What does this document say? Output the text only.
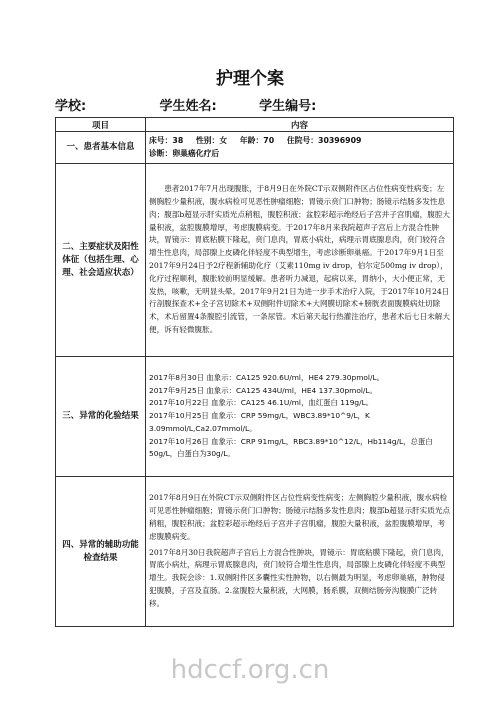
护理个案
学校:	学生姓名:	学生编号:
项目	内容
一、患者基本信息	床号：38 性别：女 年龄：70 住院号：30396909
诊断：卵巢癌化疗后

二、主要症状及阳性体征（包括生理、心理、社会适应状态）	患者2017年7月出现腹胀，于8月9日在外院CT示双侧附件区占位性病变性病变；左侧胸腔少量积液，腹水病检可见恶性肿瘤细胞；胃镜示贲门口肿物；肠镜示结肠多发性息肉；腹部b超显示肝实质光点稍粗，腹腔积液；盆腔彩超示绝经后子宫并子宫肌瘤，腹腔大量积液，盆腔腹膜增厚，考虑腹膜病变。于2017年8月来我院超声子宫后上方混合性肿块，胃镜示：胃底粘膜下隆起，贲门息肉，胃底小病灶，病理示胃底腺息肉，贲门较符合增生性息肉，局部腺上皮磷化伴轻度不典型增生，考虑诊断卵巢癌。于2017年9月1日至2017年9月24日予2疗程新辅助化疗（艾素110mg iv drop，伯尔定500mg iv drop），化疗过程顺利，腹胀较前明显缓解。患者听力减退，起病以来，胃纳小，大小便正常，无发热，咳嗽，无明显头晕。2017年9月21日为进一步手术治疗入院，于2017年10月24日行剖腹探查术+全子宫切除术+双侧附件切除术+大网膜切除术+膀胱表面腹膜病灶切除术，术后留置4条腹腔引流管，一条尿管。术后第天起行热灌注治疗，患者术后七日未解大便，诉有轻微腹胀。

三、异常的化验结果	2017年8月30日 血象示：CA125 920.6U/ml，HE4 279.30pmol/L。

2017年9月25日 血象示：CA125 434U/ml，HE4 137.30pmol/L。

2017年10月22日 血象示：CA125 46.1U/ml，血红蛋白 119g/L。

2017年10月25日 血象示：CRP 59mg/L，WBC3.89*10^9/L，K 3.09mmol/L,Ca2.07mmol/L。

2017年10月26日 血象示：CRP 91mg/L，RBC3.89*10^12/L，Hb114g/L，总蛋白50g/L，白蛋白为30g/L。

四、异常的辅助功能检查结果	2017年8月9日在外院CT示双侧附件区占位性病变性病变；左侧胸腔少量积液，腹水病检可见恶性肿瘤细胞；胃镜示贲门口肿物；肠镜示结肠多发性息肉；腹部b超显示肝实质光点稍粗，腹腔积液；盆腔彩超示绝经后子宫并子宫肌瘤，腹腔大量积液，盆腔腹膜增厚，考虑腹膜病变。

2017年8月30日我院超声子宫后上方混合性肿块，胃镜示：胃底粘膜下隆起，贲门息肉，胃底小病灶，病理示胃底腺息肉，贲门较符合增生性息肉，局部腺上皮磷化伴轻度不典型增生。我院会诊：1.双侧附件区多囊性实性肿物，以右侧最为明显，考虑卵巢癌，肿物侵犯腹膜，子宫及直肠。2.盆腹腔大量积液，大网膜，肠系膜，双侧结肠旁沟腹膜广泛转移。

hdccf.org.cn
